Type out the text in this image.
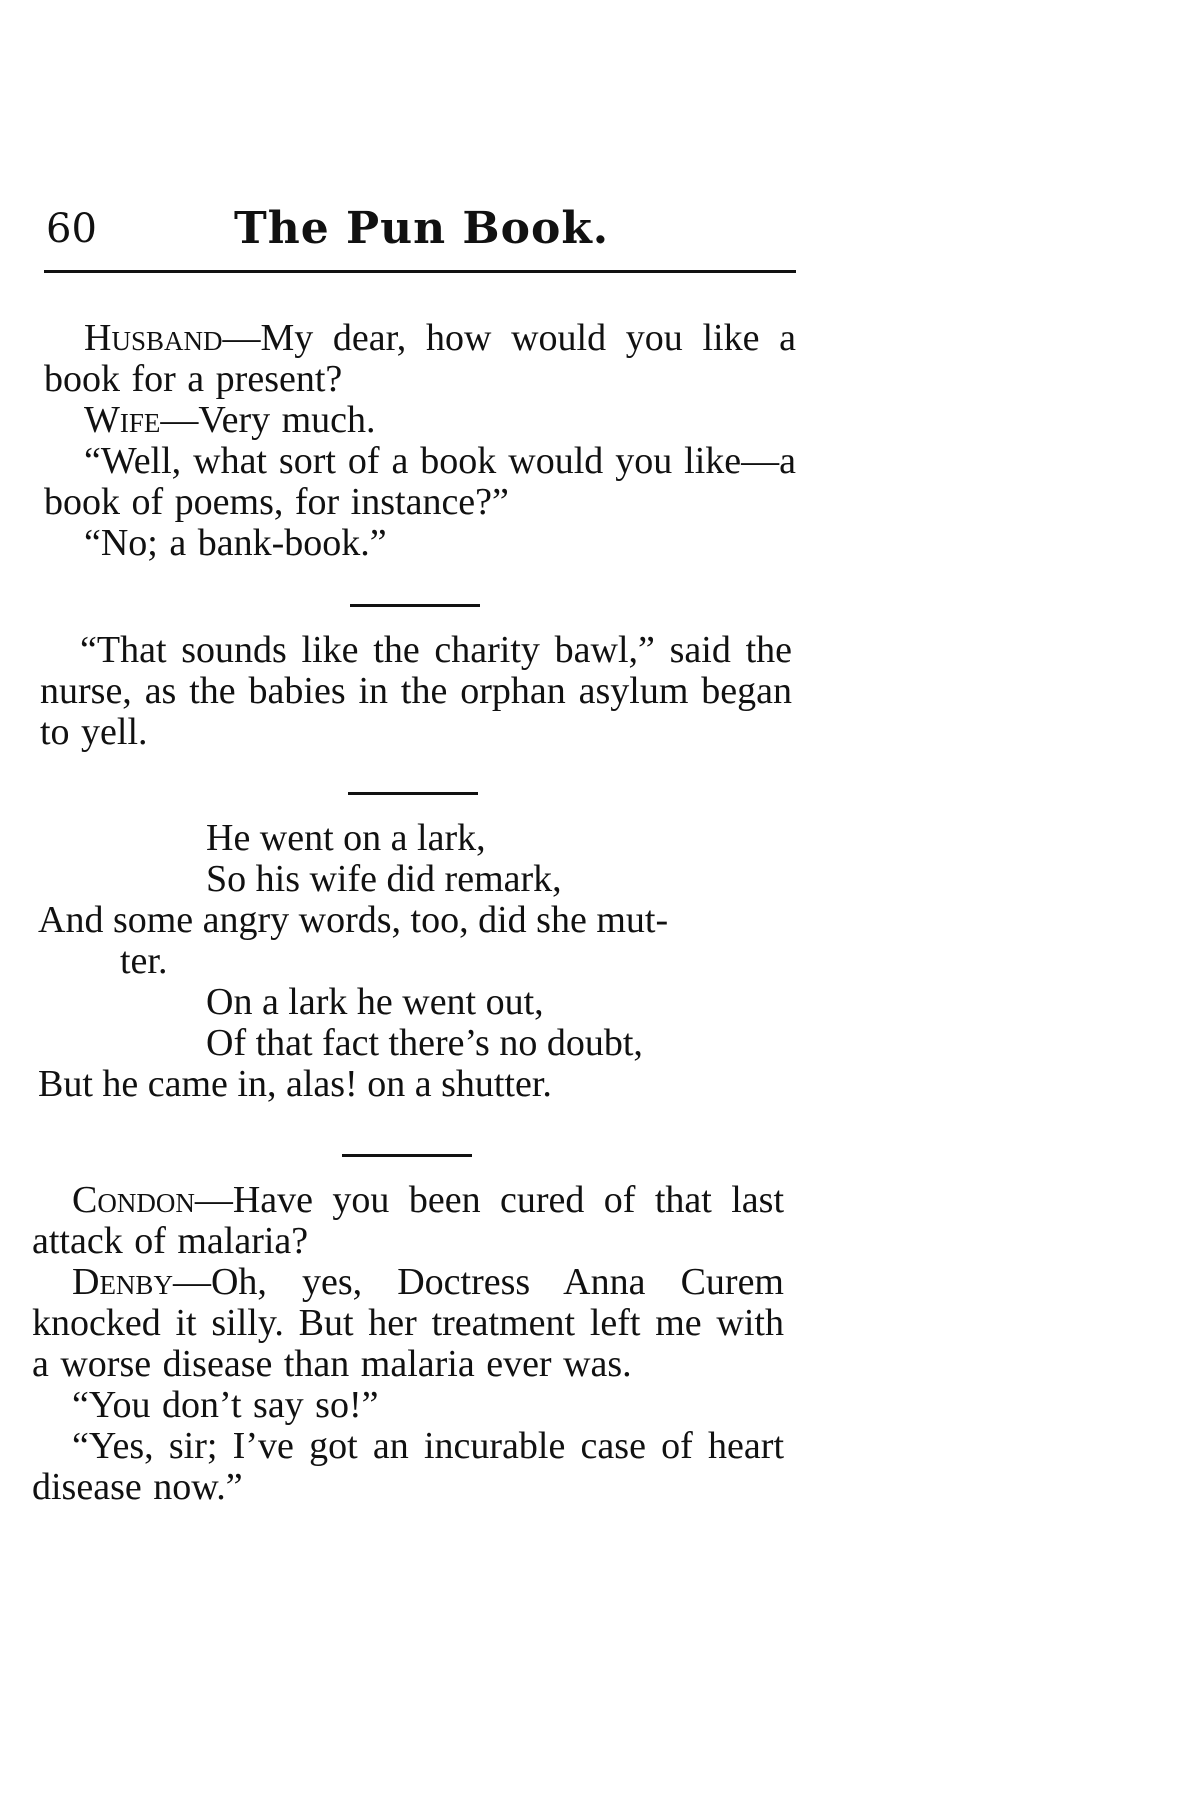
60	The Pun Book.

Husband—My dear, how would you like a book for a present?

Wife—Very much.

“Well, what sort of a book would you like—a book of poems, for instance?”

“No; a bank-book.”

“That sounds like the charity bawl,” said the nurse, as the babies in the orphan asylum began to yell.

He went on a lark,

So his wife did remark,

And some angry words, too, did she mut-

ter.

On a lark he went out,

Of that fact there’s no doubt,

But he came in, alas! on a shutter.

Condon—Have you been cured of that last attack of malaria?

Denby—Oh, yes, Doctress Anna Curem knocked it silly. But her treatment left me with a worse disease than malaria ever was.

“You don’t say so!”

“Yes, sir; I’ve got an incurable case of heart disease now.”
